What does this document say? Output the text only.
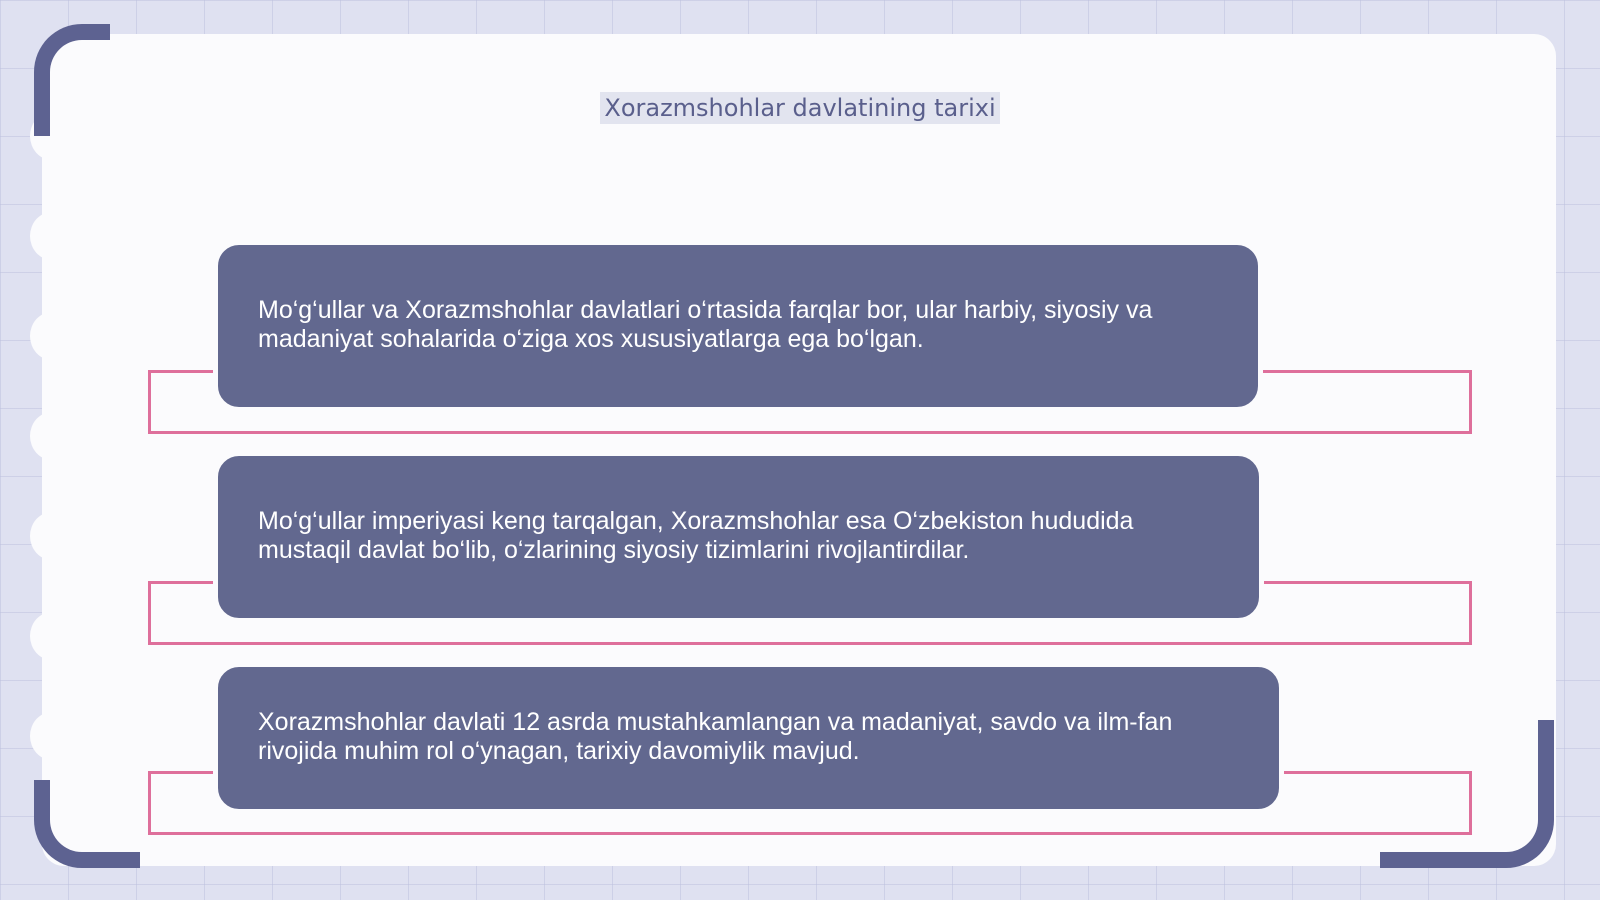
Xorazmshohlar davlatining tarixi
Mo‘g‘ullar va Xorazmshohlar davlatlari o‘rtasida farqlar bor, ular harbiy, siyosiy va madaniyat sohalarida o‘ziga xos xususiyatlarga ega bo‘lgan.
Mo‘g‘ullar imperiyasi keng tarqalgan, Xorazmshohlar esa O‘zbekiston hududida mustaqil davlat bo‘lib, o‘zlarining siyosiy tizimlarini rivojlantirdilar.
Xorazmshohlar davlati 12 asrda mustahkamlangan va madaniyat, savdo va ilm-fan rivojida muhim rol o‘ynagan, tarixiy davomiylik mavjud.
